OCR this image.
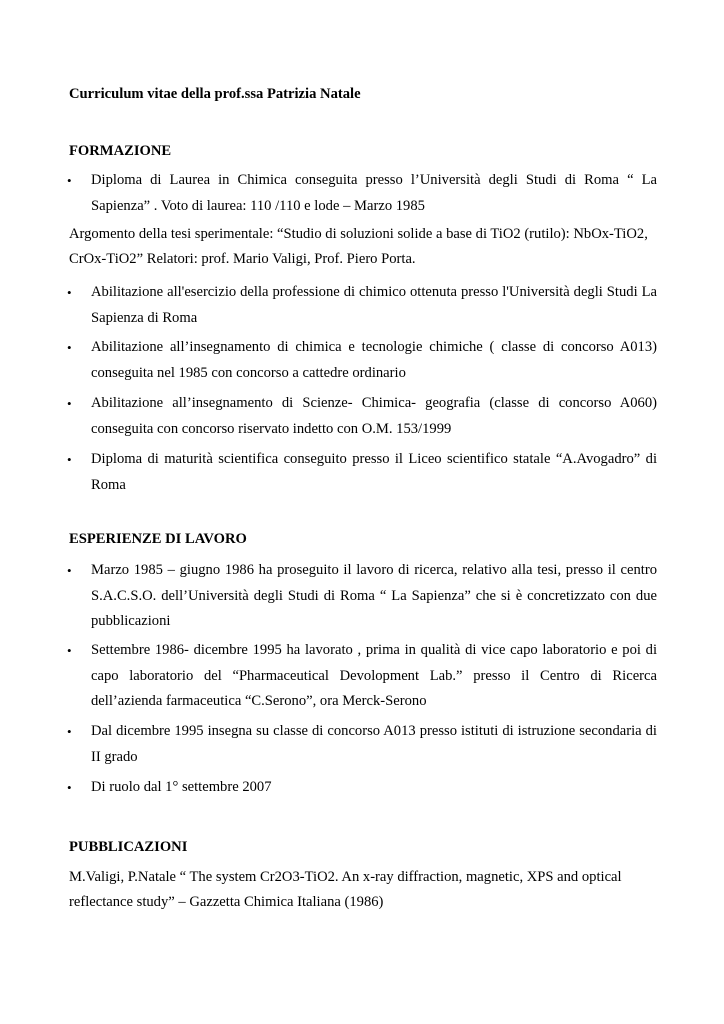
Curriculum vitae della prof.ssa Patrizia Natale
FORMAZIONE
•	Diploma di Laurea in Chimica conseguita presso l’Università degli Studi di Roma “ La Sapienza” . Voto di laurea: 110 /110 e lode – Marzo 1985
Argomento della tesi sperimentale: “Studio di soluzioni solide a base di TiO2 (rutilo): NbOx-TiO2,
CrOx-TiO2” Relatori: prof. Mario Valigi, Prof. Piero Porta.
•	Abilitazione all'esercizio della professione di chimico ottenuta presso l'Università degli Studi La Sapienza di Roma
•	Abilitazione all’insegnamento di chimica e tecnologie chimiche ( classe di concorso A013) conseguita nel 1985 con concorso a cattedre ordinario
•	Abilitazione all’insegnamento di Scienze- Chimica- geografia (classe di concorso A060) conseguita con concorso riservato indetto con O.M. 153/1999
•	Diploma di maturità scientifica conseguito presso il Liceo scientifico statale “A.Avogadro” di Roma
ESPERIENZE DI LAVORO
•	Marzo 1985 – giugno 1986 ha proseguito il lavoro di ricerca, relativo alla tesi, presso il centro S.A.C.S.O. dell’Università degli Studi di Roma “ La Sapienza” che si è concretizzato con due pubblicazioni
•	Settembre 1986- dicembre 1995 ha lavorato , prima in qualità di vice capo laboratorio e poi di capo laboratorio del “Pharmaceutical Devolopment Lab.” presso il Centro di Ricerca dell’azienda farmaceutica “C.Serono”, ora Merck-Serono
•	Dal dicembre 1995 insegna su classe di concorso A013 presso istituti di istruzione secondaria di II grado
•	Di ruolo dal 1° settembre 2007
PUBBLICAZIONI
M.Valigi, P.Natale “ The system Cr2O3-TiO2. An x-ray diffraction, magnetic, XPS and optical
reflectance study” – Gazzetta Chimica Italiana (1986)
